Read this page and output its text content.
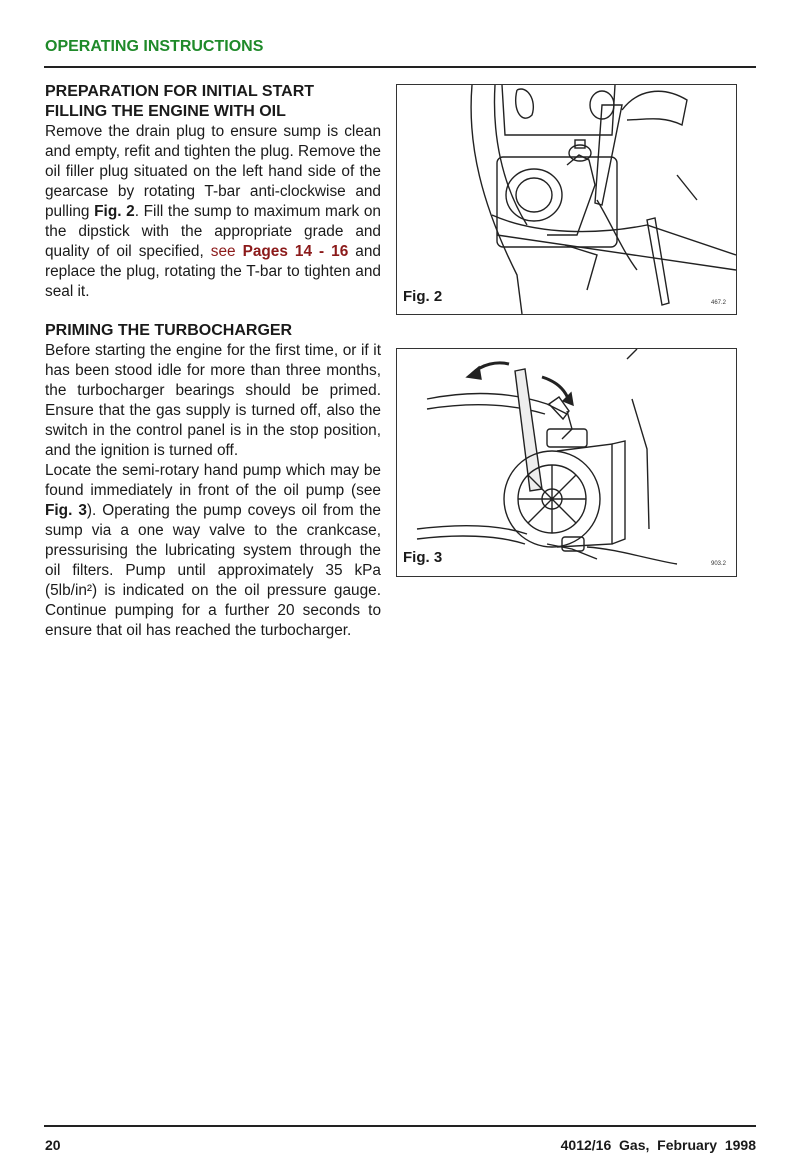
OPERATING INSTRUCTIONS
PREPARATION FOR INITIAL START
FILLING THE ENGINE WITH OIL
Remove the drain plug to ensure sump is clean and empty, refit and tighten the plug. Remove the oil filler plug situated on the left hand side of the gearcase by rotating T-bar anti-clockwise and pulling Fig. 2. Fill the sump to maximum mark on the dipstick with the appropriate grade and quality of oil specified, see Pages 14 - 16 and replace the plug, rotating the T-bar to tighten and seal it.
PRIMING THE TURBOCHARGER
Before starting the engine for the first time, or if it has been stood idle for more than three months, the turbocharger bearings should be primed. Ensure that the gas supply is turned off, also the switch in the control panel is in the stop position, and the ignition is turned off.
Locate the semi-rotary hand pump which may be found immediately in front of the oil pump (see Fig. 3). Operating the pump coveys oil from the sump via a one way valve to the crankcase, pressurising the lubricating system through the oil filters. Pump until approximately 35 kPa (5lb/in²) is indicated on the oil pressure gauge. Continue pumping for a further 20 seconds to ensure that oil has reached the turbocharger.
Fig. 2	467.2
Fig. 3	903.2
20	4012/16  Gas,  February  1998
